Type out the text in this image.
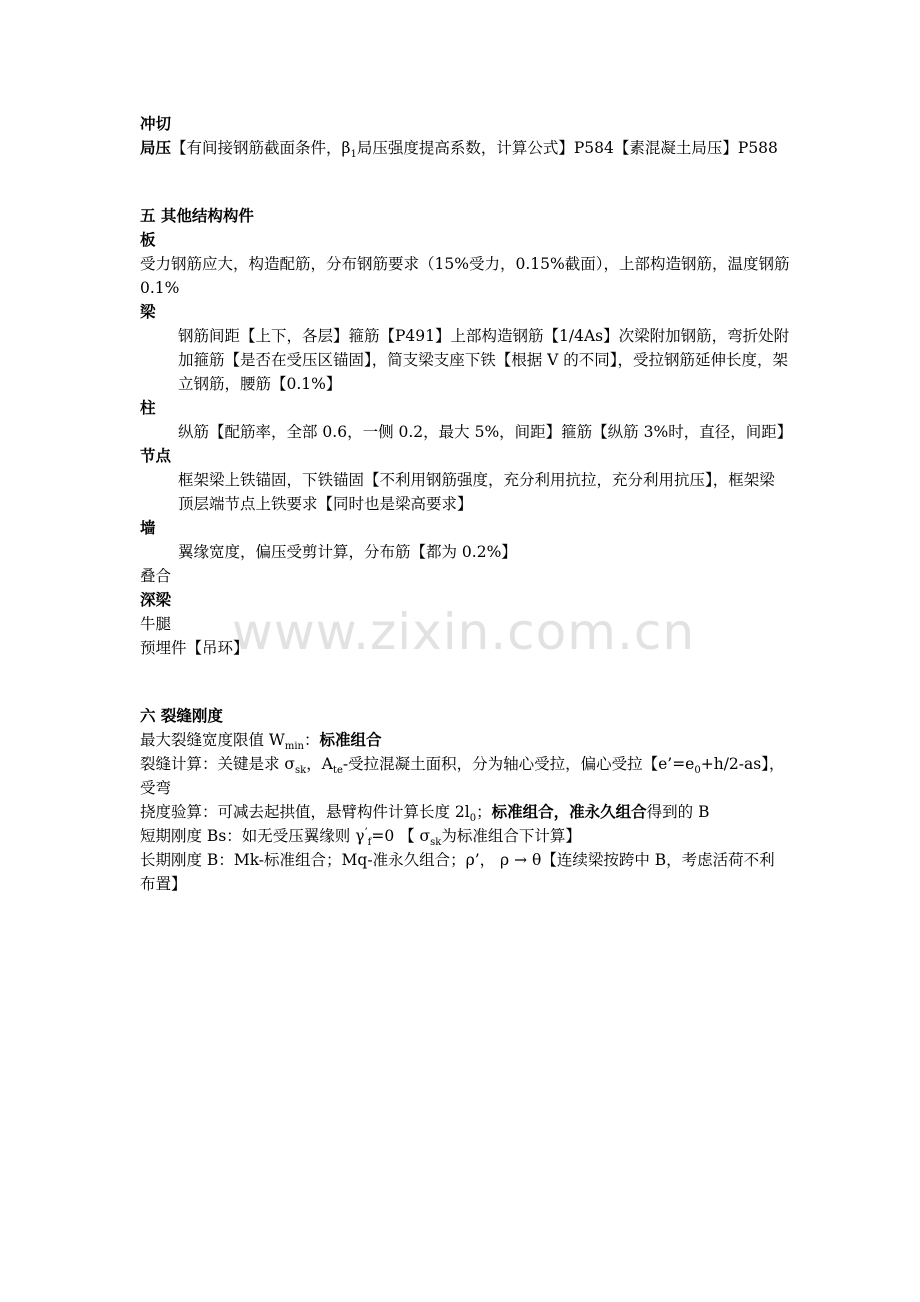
www.zixin.com.cn
冲切
局压【有间接钢筋截面条件，$\beta_1$局压强度提高系数，计算公式】P584【素混凝土局压】P588
五 其他结构构件
板
受力钢筋应大，构造配筋，分布钢筋要求（15%受力，0.15%截面），上部构造钢筋，温度钢筋 0.1%
梁
钢筋间距【上下，各层】箍筋【P491】上部构造钢筋【1/4As】次梁附加钢筋，弯折处附加箍筋【是否在受压区锚固】，简支梁支座下铁【根据 V 的不同】，受拉钢筋延伸长度，架立钢筋，腰筋【0.1%】
柱
纵筋【配筋率，全部 0.6，一侧 0.2，最大 5%，间距】箍筋【纵筋 3%时，直径，间距】
节点
框架梁上铁锚固，下铁锚固【不利用钢筋强度，充分利用抗拉，充分利用抗压】，框架梁顶层端节点上铁要求【同时也是梁高要求】
墙
翼缘宽度，偏压受剪计算，分布筋【都为 0.2%】
叠合
深梁
牛腿
预埋件【吊环】
六 裂缝刚度
最大裂缝宽度限值 $W_{min}$：标准组合
裂缝计算：关键是求 $\sigma_{sk}$，$A_{te}-$受拉混凝土面积，分为轴心受拉，偏心受拉【$e’=e_0+h/2-as$】，受弯
挠度验算：可减去起拱值，悬臂构件计算长度 $2l_0$；标准组合，准永久组合得到的 B
短期刚度 Bs：如无受压翼缘则 $\gamma^’_f=0$ 【 $\sigma_{sk}$为标准组合下计算】
长期刚度 B：Mk-标准组合；Mq-准永久组合；ρ’， ρ → θ【连续梁按跨中 B，考虑活荷不利布置】
